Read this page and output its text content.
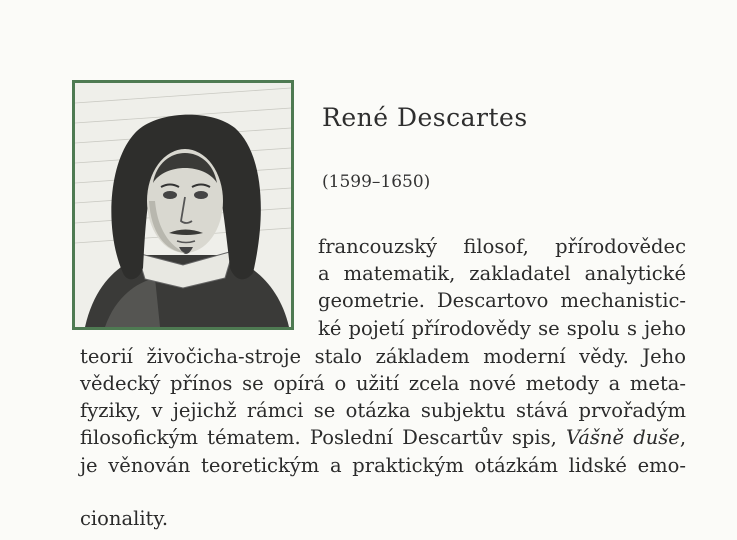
René Descartes
(1599–1650)
francouzský filosof, přírodovědec
a matematik, zakladatel analytické
geometrie. Descartovo mechanistic-
ké pojetí přírodovědy se spolu s jeho
teorií živočicha-stroje stalo základem moderní vědy. Jeho
vědecký přínos se opírá o užití zcela nové metody a meta-
fyziky, v jejichž rámci se otázka subjektu stává prvořadým
filosofickým tématem. Poslední Descartův spis, Vášně duše,
je věnován teoretickým a praktickým otázkám lidské emo-
cionality.
